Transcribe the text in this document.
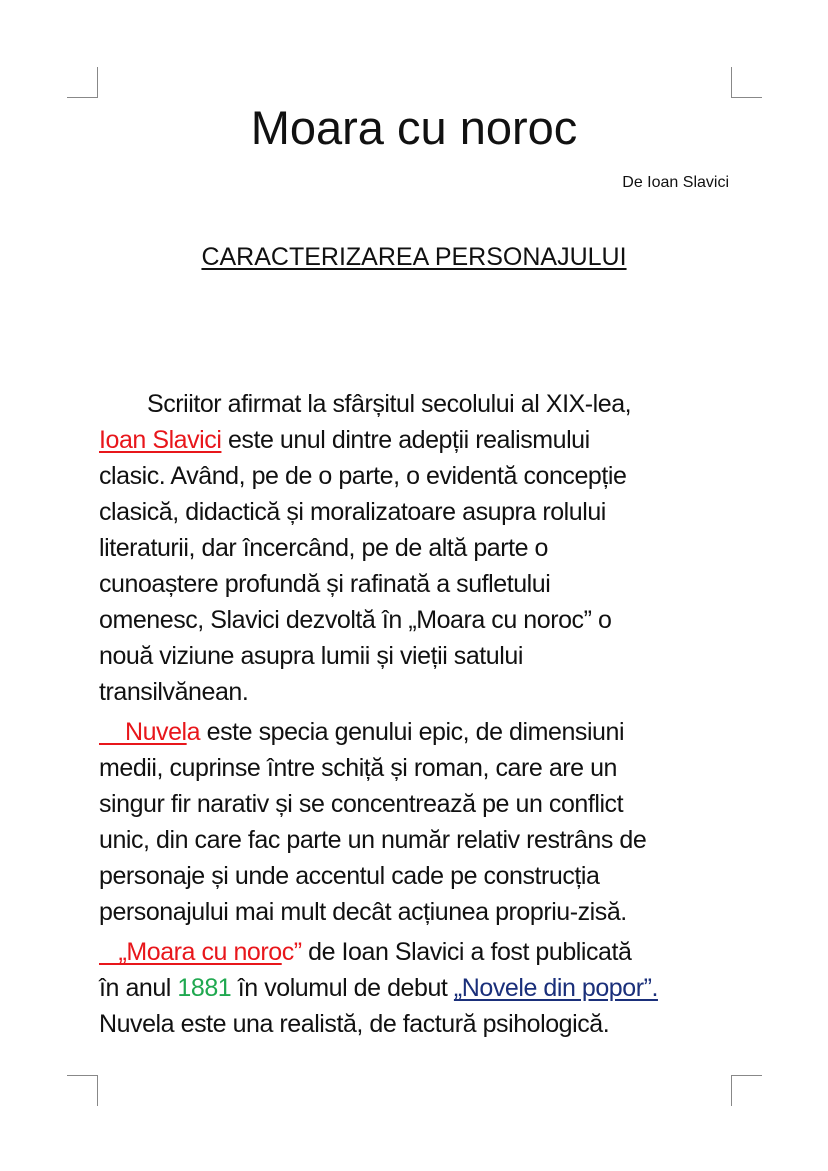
Moara cu noroc
De Ioan Slavici
CARACTERIZAREA PERSONAJULUI
Scriitor afirmat la sfârșitul secolului al XIX-lea,
Ioan Slavici este unul dintre adepții realismului
clasic. Având, pe de o parte, o evidentă concepție
clasică, didactică și moralizatoare asupra rolului
literaturii, dar încercând, pe de altă parte o
cunoaștere profundă și rafinată a sufletului
omenesc, Slavici dezvoltă în „Moara cu noroc” o
nouă viziune asupra lumii și vieții satului
transilvănean.
Nuvela este specia genului epic, de dimensiuni
medii, cuprinse între schiță și roman, care are un
singur fir narativ și se concentrează pe un conflict
unic, din care fac parte un număr relativ restrâns de
personaje și unde accentul cade pe construcția
personajului mai mult decât acțiunea propriu-zisă.
„Moara cu noroc” de Ioan Slavici a fost publicată
în anul 1881 în volumul de debut „Novele din popor”.
Nuvela este una realistă, de factură psihologică.
